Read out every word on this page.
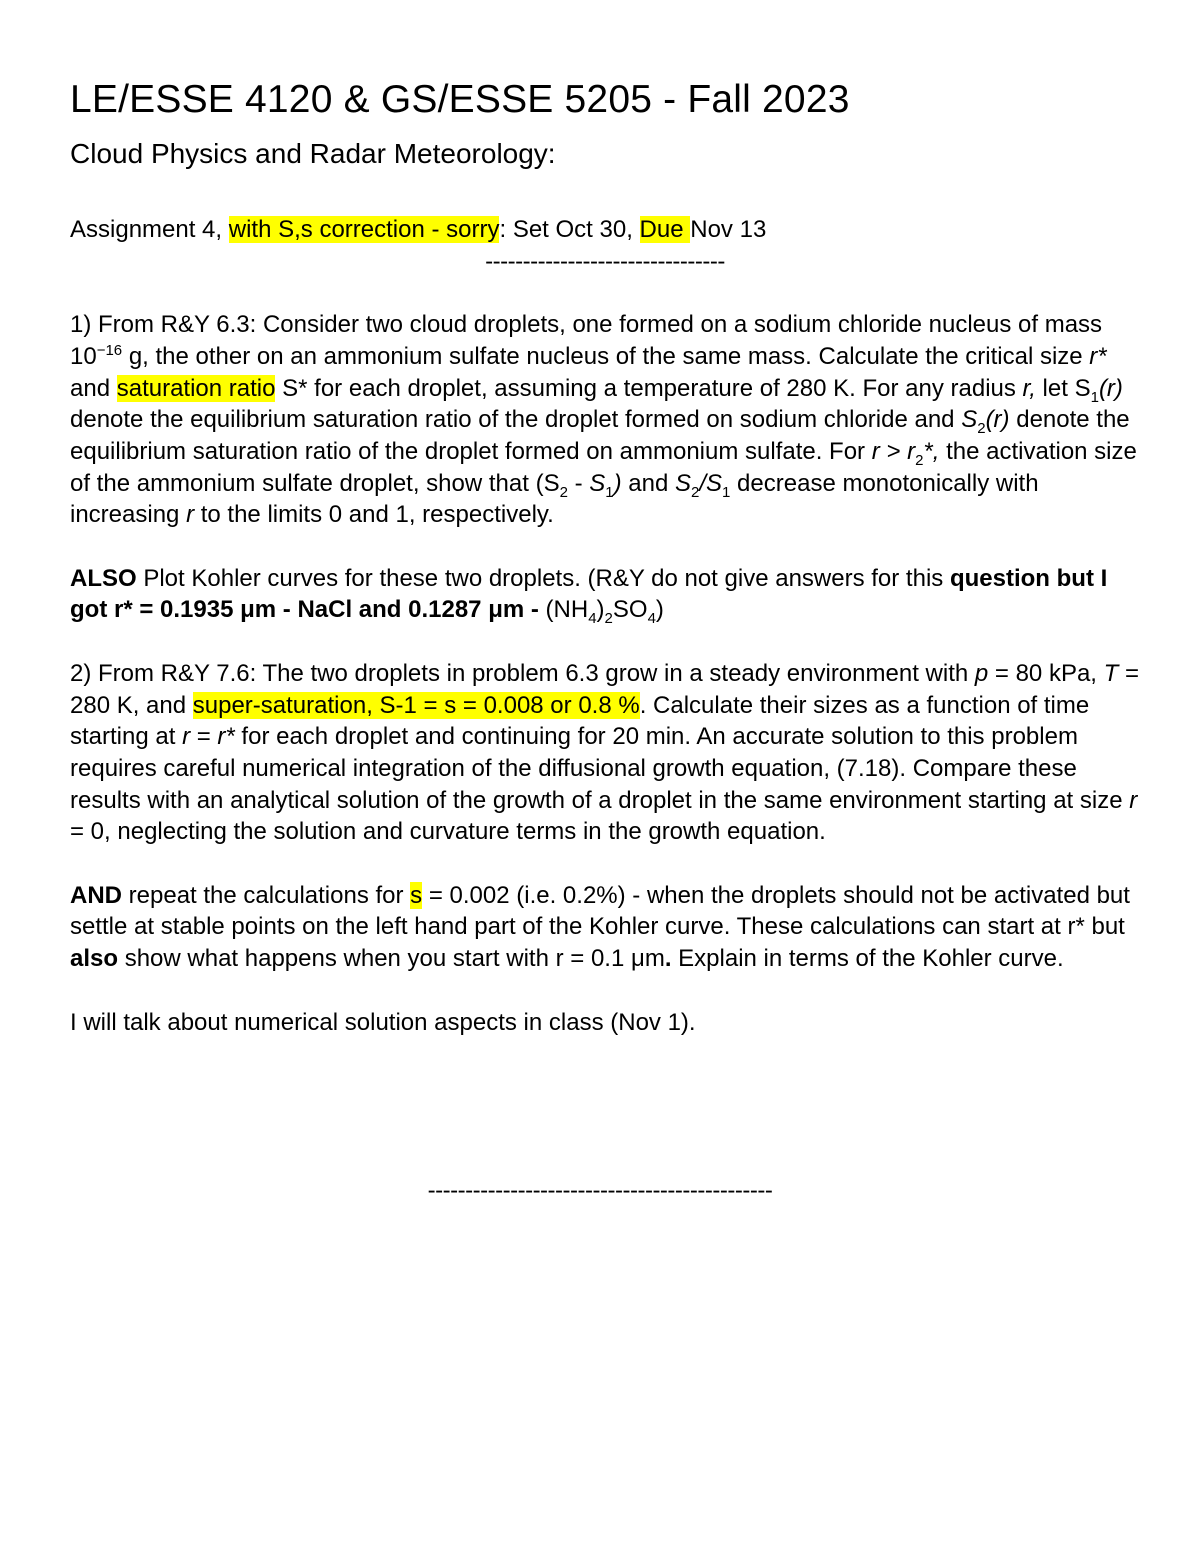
LE/ESSE 4120 & GS/ESSE 5205 - Fall 2023
Cloud Physics and Radar Meteorology:

Assignment 4, with S,s correction - sorry: Set Oct 30, Due Nov 13

--------------------------------

1) From R&Y 6.3: Consider two cloud droplets, one formed on a sodium chloride nucleus of mass $10^{-16}$ g, the other on an ammonium sulfate nucleus of the same mass. Calculate the critical size r* and saturation ratio S* for each droplet, assuming a temperature of 280 K. For any radius r, let $S_1(r)$ denote the equilibrium saturation ratio of the droplet formed on sodium chloride and $S_2(r)$ denote the equilibrium saturation ratio of the droplet formed on ammonium sulfate. For $r > r_2*$, the activation size of the ammonium sulfate droplet, show that $(S_2 - S_1)$ and $S_2/S_1$ decrease monotonically with increasing r to the limits 0 and 1, respectively.

ALSO Plot Kohler curves for these two droplets. (R&Y do not give answers for this question but I got r* = 0.1935 μm - NaCl and 0.1287 μm - $(NH_4)_2SO_4$)

2) From R&Y 7.6: The two droplets in problem 6.3 grow in a steady environment with p = 80 kPa, T = 280 K, and super-saturation, S-1 = s = 0.008 or 0.8 %. Calculate their sizes as a function of time starting at r = r* for each droplet and continuing for 20 min. An accurate solution to this problem requires careful numerical integration of the diffusional growth equation, (7.18). Compare these results with an analytical solution of the growth of a droplet in the same environment starting at size r = 0, neglecting the solution and curvature terms in the growth equation.

AND repeat the calculations for s = 0.002 (i.e. 0.2%) - when the droplets should not be activated but settle at stable points on the left hand part of the Kohler curve. These calculations can start at r* but also show what happens when you start with r = 0.1 μm. Explain in terms of the Kohler curve.

I will talk about numerical solution aspects in class (Nov 1).

----------------------------------------------
